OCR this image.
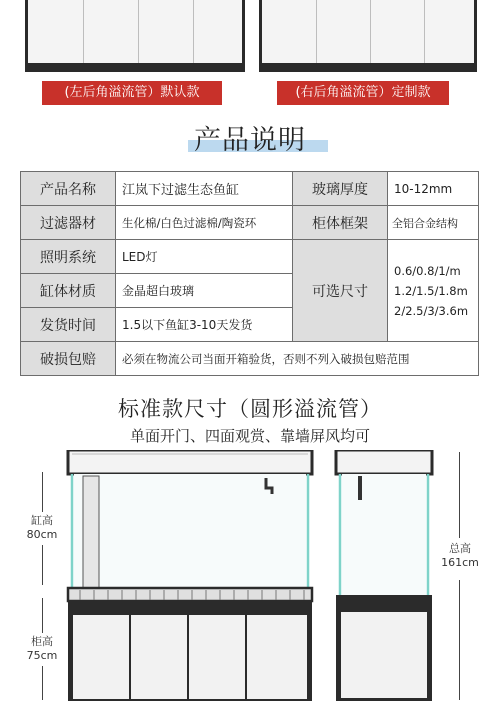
(左后角溢流管）默认款	(右后角溢流管）定制款
产品说明
产品名称	江岚下过滤生态鱼缸	玻璃厚度	10-12mm
过滤器材	生化棉/白色过滤棉/陶瓷环	柜体框架	全铝合金结构
照明系统	LED灯	可选尺寸	0.6/0.8/1/m
1.2/1.5/1.8m
2/2.5/3/3.6m

缸体材质	金晶超白玻璃		
发货时间	1.5以下鱼缸3-10天发货		
破损包赔	必须在物流公司当面开箱验货，否则不列入破损包赔范围		
标准款尺寸（圆形溢流管）
单面开门、四面观赏、靠墙屏风均可
缸高
80cm
柜高
75cm
总高
161cm
